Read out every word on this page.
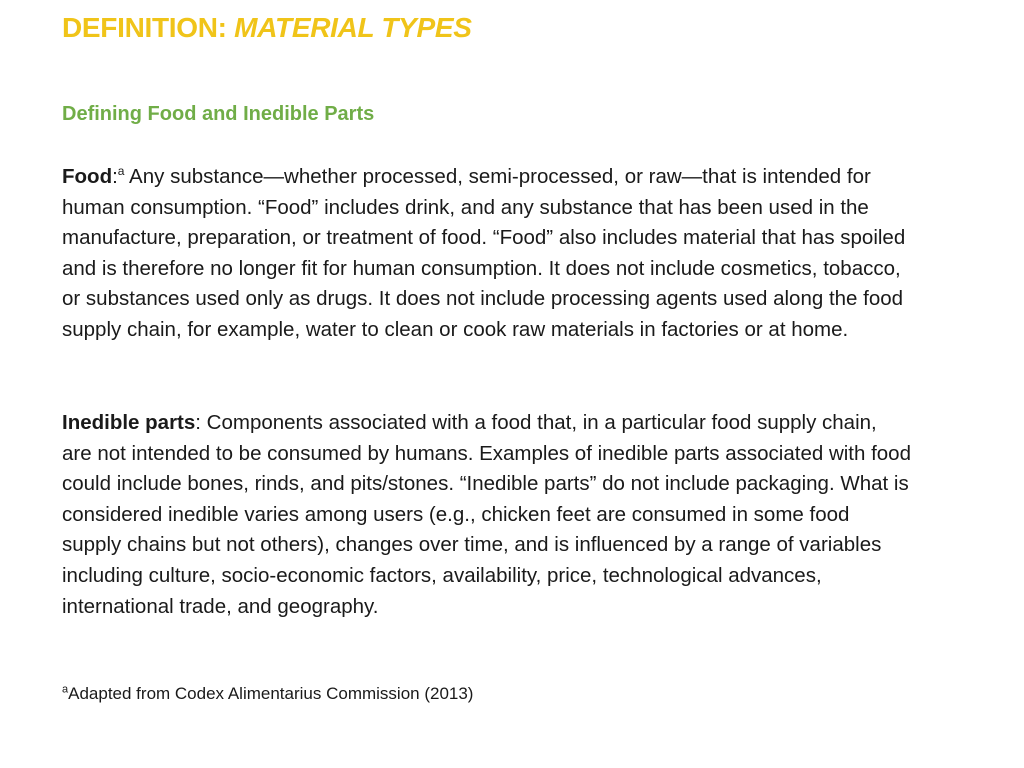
DEFINITION: MATERIAL TYPES
Defining Food and Inedible Parts

Food:$^a$ Any substance—whether processed, semi-processed, or raw—that is intended for human consumption. “Food” includes drink, and any substance that has been used in the manufacture, preparation, or treatment of food. “Food” also includes material that has spoiled and is therefore no longer fit for human consumption. It does not include cosmetics, tobacco, or substances used only as drugs. It does not include processing agents used along the food supply chain, for example, water to clean or cook raw materials in factories or at home.

Inedible parts: Components associated with a food that, in a particular food supply chain, are not intended to be consumed by humans. Examples of inedible parts associated with food could include bones, rinds, and pits/stones. “Inedible parts” do not include packaging. What is considered inedible varies among users (e.g., chicken feet are consumed in some food supply chains but not others), changes over time, and is influenced by a range of variables including culture, socio-economic factors, availability, price, technological advances, international trade, and geography.

$^a$Adapted from Codex Alimentarius Commission (2013)
